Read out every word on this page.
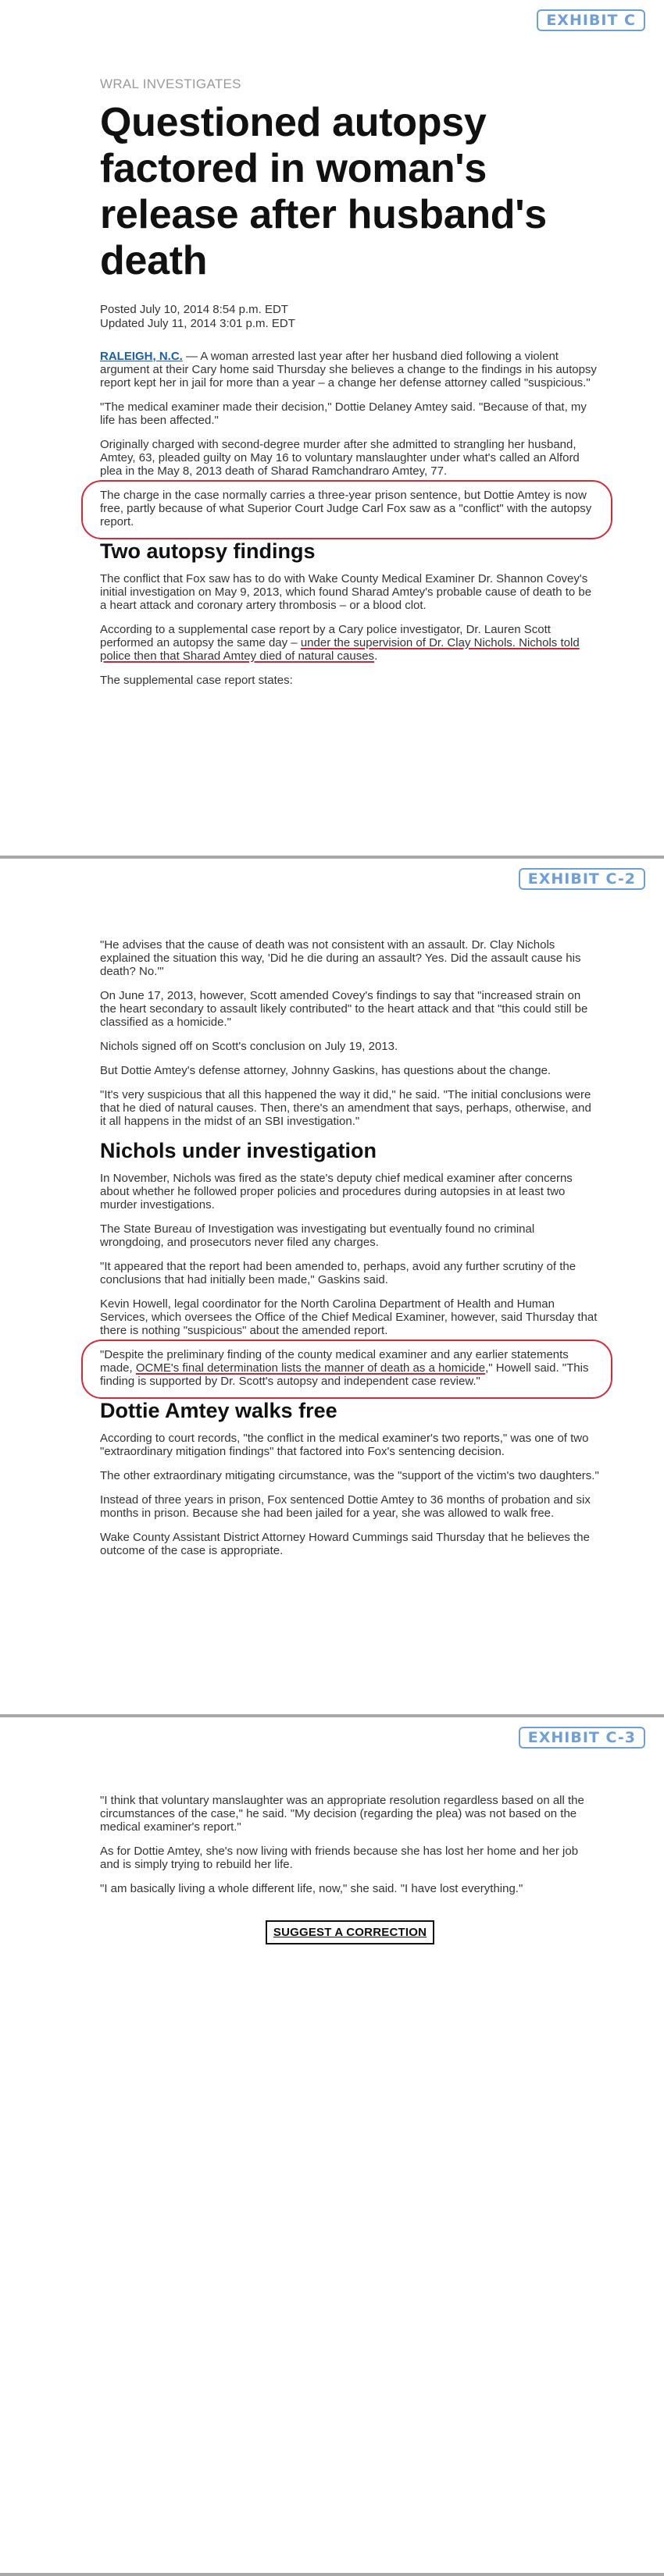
EXHIBIT C
WRAL INVESTIGATES
Questioned autopsy factored in woman's release after husband's death
Posted July 10, 2014 8:54 p.m. EDT
Updated July 11, 2014 3:01 p.m. EDT

RALEIGH, N.C. — A woman arrested last year after her husband died following a violent argument at their Cary home said Thursday she believes a change to the findings in his autopsy report kept her in jail for more than a year – a change her defense attorney called "suspicious."

"The medical examiner made their decision," Dottie Delaney Amtey said. "Because of that, my life has been affected."

Originally charged with second-degree murder after she admitted to strangling her husband, Amtey, 63, pleaded guilty on May 16 to voluntary manslaughter under what's called an Alford plea in the May 8, 2013 death of Sharad Ramchandraro Amtey, 77.

The charge in the case normally carries a three-year prison sentence, but Dottie Amtey is now free, partly because of what Superior Court Judge Carl Fox saw as a "conflict" with the autopsy report.

Two autopsy findings

The conflict that Fox saw has to do with Wake County Medical Examiner Dr. Shannon Covey's initial investigation on May 9, 2013, which found Sharad Amtey's probable cause of death to be a heart attack and coronary artery thrombosis – or a blood clot.

According to a supplemental case report by a Cary police investigator, Dr. Lauren Scott performed an autopsy the same day – under the supervision of Dr. Clay Nichols. Nichols told police then that Sharad Amtey died of natural causes.

The supplemental case report states:

EXHIBIT C-2

"He advises that the cause of death was not consistent with an assault. Dr. Clay Nichols explained the situation this way, 'Did he die during an assault? Yes. Did the assault cause his death? No.'"

On June 17, 2013, however, Scott amended Covey's findings to say that "increased strain on the heart secondary to assault likely contributed" to the heart attack and that "this could still be classified as a homicide."

Nichols signed off on Scott's conclusion on July 19, 2013.

But Dottie Amtey's defense attorney, Johnny Gaskins, has questions about the change.

"It's very suspicious that all this happened the way it did," he said. "The initial conclusions were that he died of natural causes. Then, there's an amendment that says, perhaps, otherwise, and it all happens in the midst of an SBI investigation."

Nichols under investigation

In November, Nichols was fired as the state's deputy chief medical examiner after concerns about whether he followed proper policies and procedures during autopsies in at least two murder investigations.

The State Bureau of Investigation was investigating but eventually found no criminal wrongdoing, and prosecutors never filed any charges.

"It appeared that the report had been amended to, perhaps, avoid any further scrutiny of the conclusions that had initially been made," Gaskins said.

Kevin Howell, legal coordinator for the North Carolina Department of Health and Human Services, which oversees the Office of the Chief Medical Examiner, however, said Thursday that there is nothing "suspicious" about the amended report.

"Despite the preliminary finding of the county medical examiner and any earlier statements made, OCME's final determination lists the manner of death as a homicide," Howell said. "This finding is supported by Dr. Scott's autopsy and independent case review."

Dottie Amtey walks free

According to court records, "the conflict in the medical examiner's two reports," was one of two "extraordinary mitigation findings" that factored into Fox's sentencing decision.

The other extraordinary mitigating circumstance, was the "support of the victim's two daughters."

Instead of three years in prison, Fox sentenced Dottie Amtey to 36 months of probation and six months in prison. Because she had been jailed for a year, she was allowed to walk free.

Wake County Assistant District Attorney Howard Cummings said Thursday that he believes the outcome of the case is appropriate.

EXHIBIT C-3

"I think that voluntary manslaughter was an appropriate resolution regardless based on all the circumstances of the case," he said. "My decision (regarding the plea) was not based on the medical examiner's report."

As for Dottie Amtey, she's now living with friends because she has lost her home and her job and is simply trying to rebuild her life.

"I am basically living a whole different life, now," she said. "I have lost everything."

SUGGEST A CORRECTION
